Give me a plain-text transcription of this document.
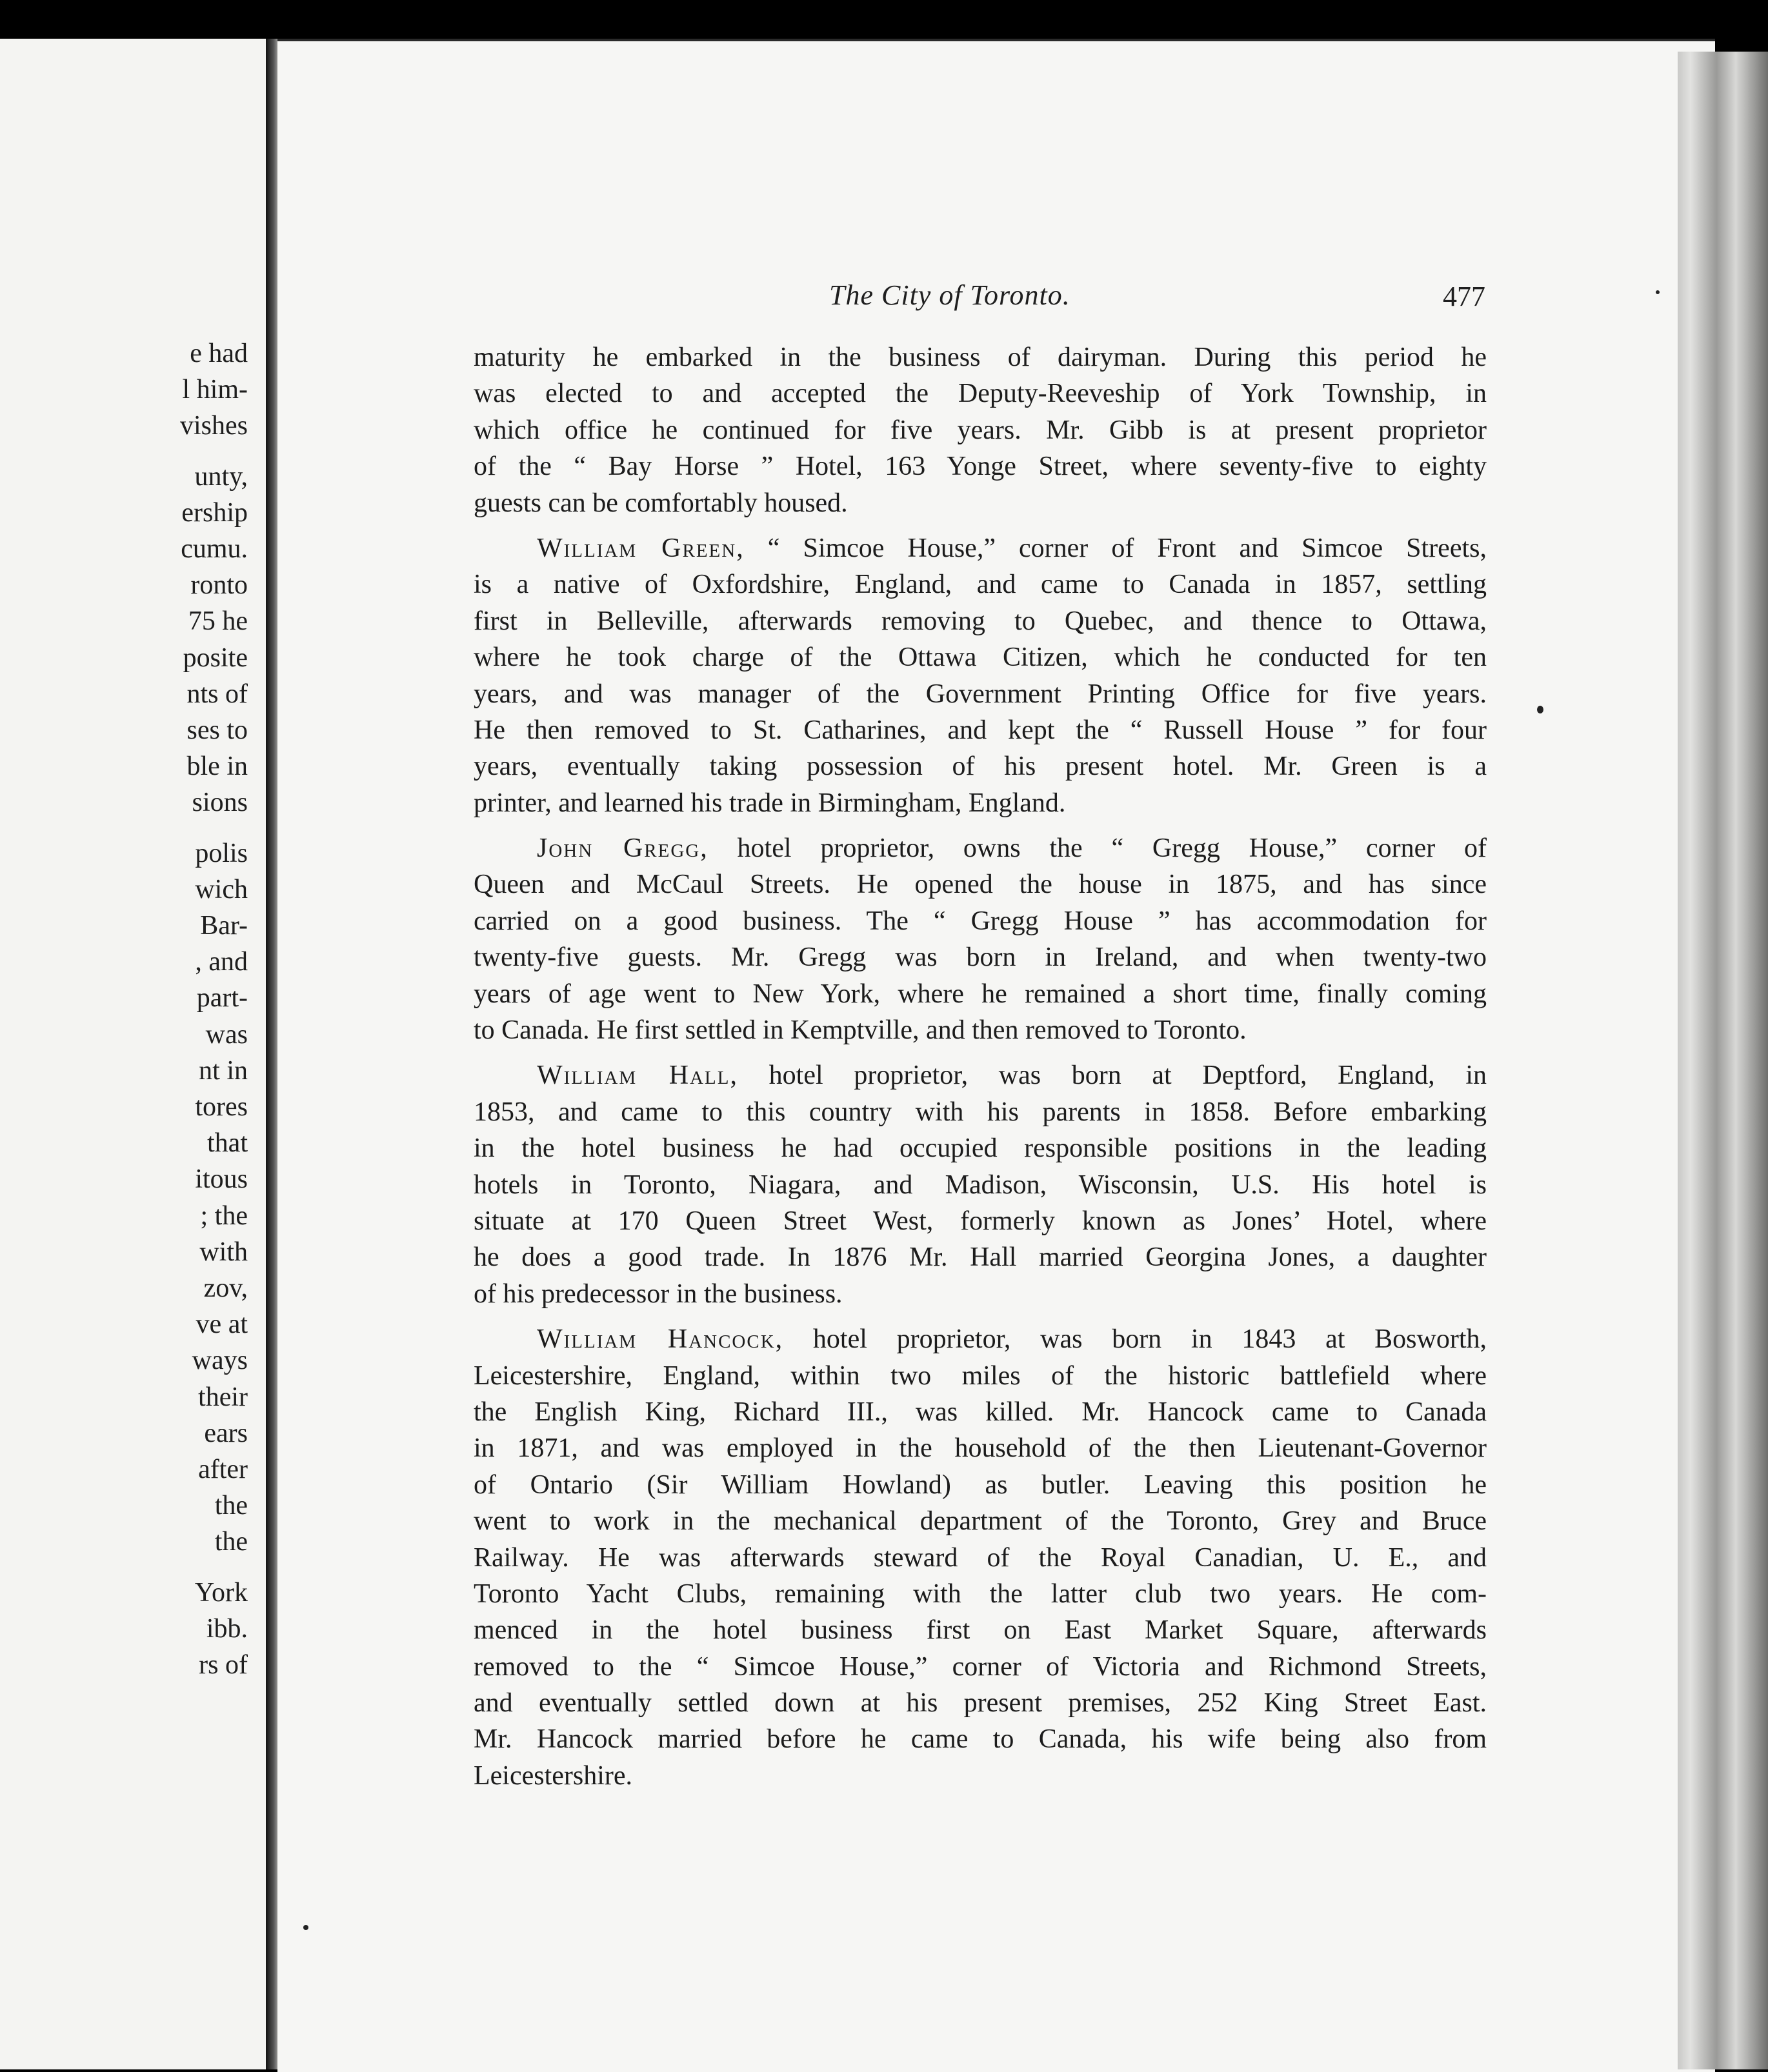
e had
l him-
vishes
unty,
ership
cumu.
ronto
75 he
posite
nts of
ses to
ble in
sions
polis
wich
Bar-
, and
part-
was
nt in
tores
that
itous
; the
with
zov,
ve at
ways
their
ears
after
the
the
York
ibb.
rs of
The City of Toronto.	477
maturity he embarked in the business of dairyman. During this period he
was elected to and accepted the Deputy-Reeveship of York Township, in
which office he continued for five years. Mr. Gibb is at present proprietor
of the “ Bay Horse ” Hotel, 163 Yonge Street, where seventy-five to eighty
guests can be comfortably housed.
William Green, “ Simcoe House,” corner of Front and Simcoe Streets,
is a native of Oxfordshire, England, and came to Canada in 1857, settling
first in Belleville, afterwards removing to Quebec, and thence to Ottawa,
where he took charge of the Ottawa Citizen, which he conducted for ten
years, and was manager of the Government Printing Office for five years.
He then removed to St. Catharines, and kept the “ Russell House ” for four
years, eventually taking possession of his present hotel. Mr. Green is a
printer, and learned his trade in Birmingham, England.
John Gregg, hotel proprietor, owns the “ Gregg House,” corner of
Queen and McCaul Streets. He opened the house in 1875, and has since
carried on a good business. The “ Gregg House ” has accommodation for
twenty-five guests. Mr. Gregg was born in Ireland, and when twenty-two
years of age went to New York, where he remained a short time, finally coming
to Canada. He first settled in Kemptville, and then removed to Toronto.
William Hall, hotel proprietor, was born at Deptford, England, in
1853, and came to this country with his parents in 1858. Before embarking
in the hotel business he had occupied responsible positions in the leading
hotels in Toronto, Niagara, and Madison, Wisconsin, U.S. His hotel is
situate at 170 Queen Street West, formerly known as Jones’ Hotel, where
he does a good trade. In 1876 Mr. Hall married Georgina Jones, a daughter
of his predecessor in the business.
William Hancock, hotel proprietor, was born in 1843 at Bosworth,
Leicestershire, England, within two miles of the historic battlefield where
the English King, Richard III., was killed. Mr. Hancock came to Canada
in 1871, and was employed in the household of the then Lieutenant-Governor
of Ontario (Sir William Howland) as butler. Leaving this position he
went to work in the mechanical department of the Toronto, Grey and Bruce
Railway. He was afterwards steward of the Royal Canadian, U. E., and
Toronto Yacht Clubs, remaining with the latter club two years. He com-
menced in the hotel business first on East Market Square, afterwards
removed to the “ Simcoe House,” corner of Victoria and Richmond Streets,
and eventually settled down at his present premises, 252 King Street East.
Mr. Hancock married before he came to Canada, his wife being also from
Leicestershire.
